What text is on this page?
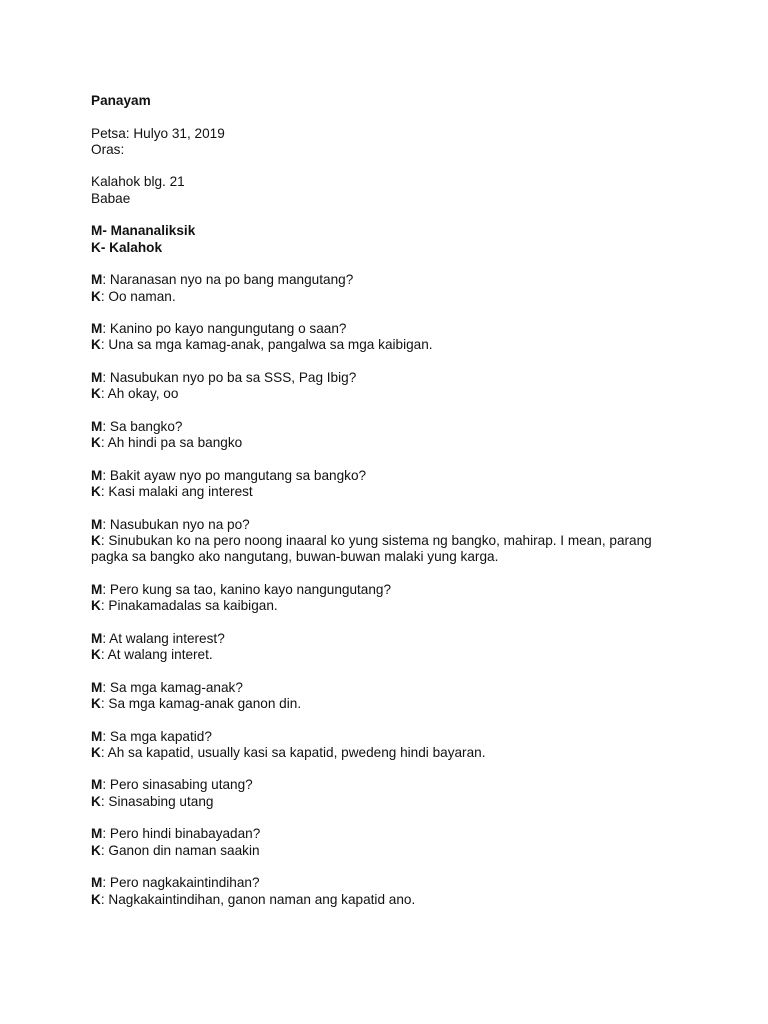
Panayam

Petsa: Hulyo 31, 2019

Oras:

Kalahok blg. 21

Babae

M- Mananaliksik

K- Kalahok

M: Naranasan nyo na po bang mangutang?

K: Oo naman.

M: Kanino po kayo nangungutang o saan?

K: Una sa mga kamag-anak, pangalwa sa mga kaibigan.

M: Nasubukan nyo po ba sa SSS, Pag Ibig?

K: Ah okay, oo

M: Sa bangko?

K: Ah hindi pa sa bangko

M: Bakit ayaw nyo po mangutang sa bangko?

K: Kasi malaki ang interest

M: Nasubukan nyo na po?

K: Sinubukan ko na pero noong inaaral ko yung sistema ng bangko, mahirap. I mean, parang pagka sa bangko ako nangutang, buwan-buwan malaki yung karga.

M: Pero kung sa tao, kanino kayo nangungutang?

K: Pinakamadalas sa kaibigan.

M: At walang interest?

K: At walang interet.

M: Sa mga kamag-anak?

K: Sa mga kamag-anak ganon din.

M: Sa mga kapatid?

K: Ah sa kapatid, usually kasi sa kapatid, pwedeng hindi bayaran.

M: Pero sinasabing utang?

K: Sinasabing utang

M: Pero hindi binabayadan?

K: Ganon din naman saakin

M: Pero nagkakaintindihan?

K: Nagkakaintindihan, ganon naman ang kapatid ano.
